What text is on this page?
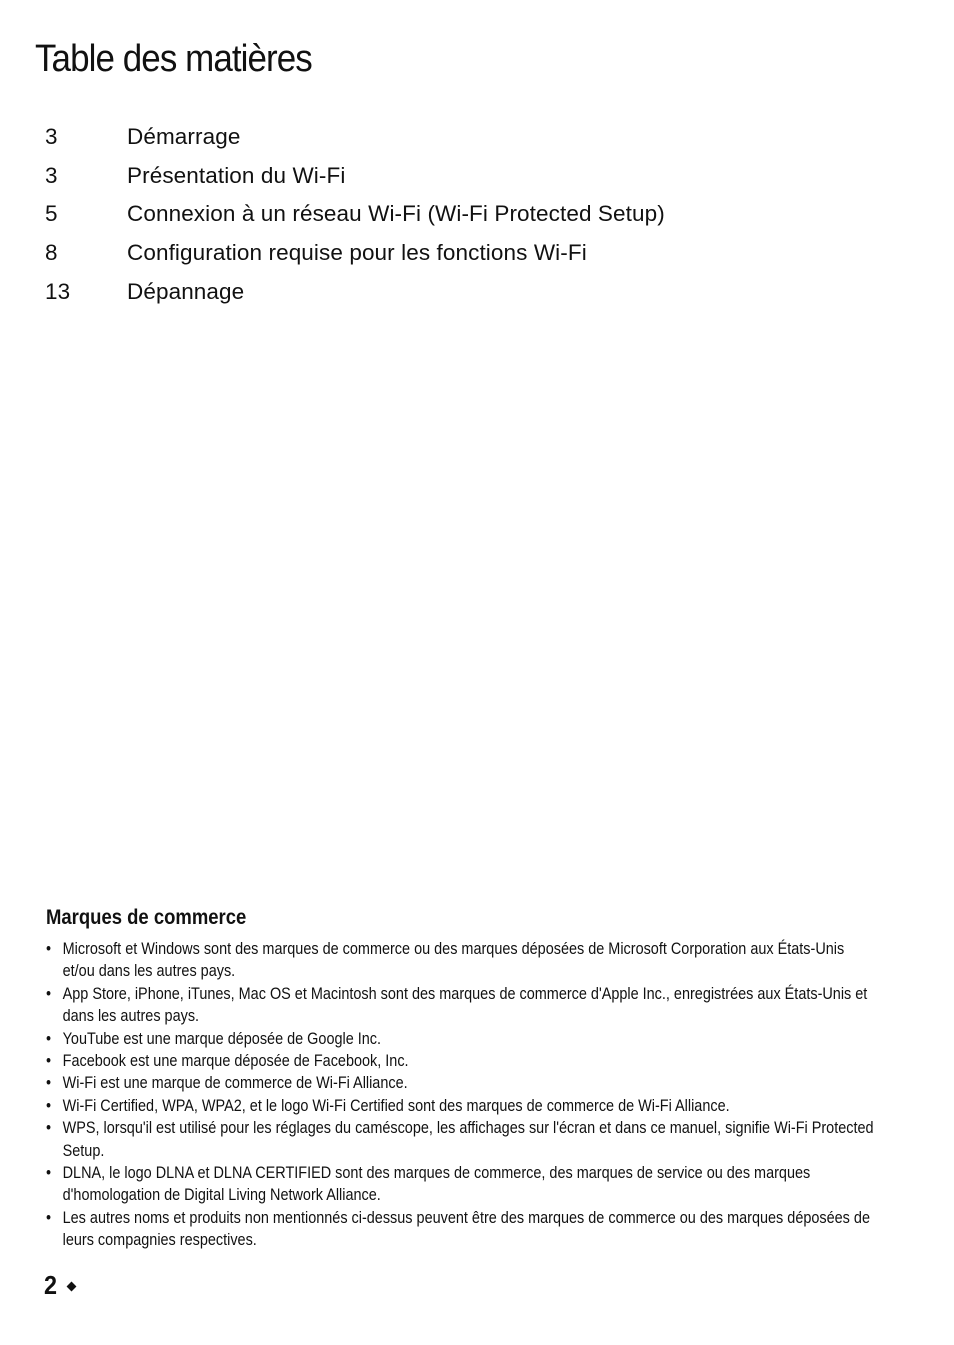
Table des matières
3	Démarrage
3	Présentation du Wi-Fi
5	Connexion à un réseau Wi-Fi (Wi-Fi Protected Setup)
8	Configuration requise pour les fonctions Wi-Fi
13	Dépannage
Marques de commerce
• Microsoft et Windows sont des marques de commerce ou des marques déposées de Microsoft Corporation aux États-Unis et/ou dans les autres pays.
• App Store, iPhone, iTunes, Mac OS et Macintosh sont des marques de commerce d'Apple Inc., enregistrées aux États-Unis et dans les autres pays.
• YouTube est une marque déposée de Google Inc.
• Facebook est une marque déposée de Facebook, Inc.
• Wi-Fi est une marque de commerce de Wi-Fi Alliance.
• Wi-Fi Certified, WPA, WPA2, et le logo Wi-Fi Certified sont des marques de commerce de Wi-Fi Alliance.
• WPS, lorsqu'il est utilisé pour les réglages du caméscope, les affichages sur l'écran et dans ce manuel, signifie Wi-Fi Protected Setup.
• DLNA, le logo DLNA et DLNA CERTIFIED sont des marques de commerce, des marques de service ou des marques d'homologation de Digital Living Network Alliance.
• Les autres noms et produits non mentionnés ci-dessus peuvent être des marques de commerce ou des marques déposées de leurs compagnies respectives.
2
